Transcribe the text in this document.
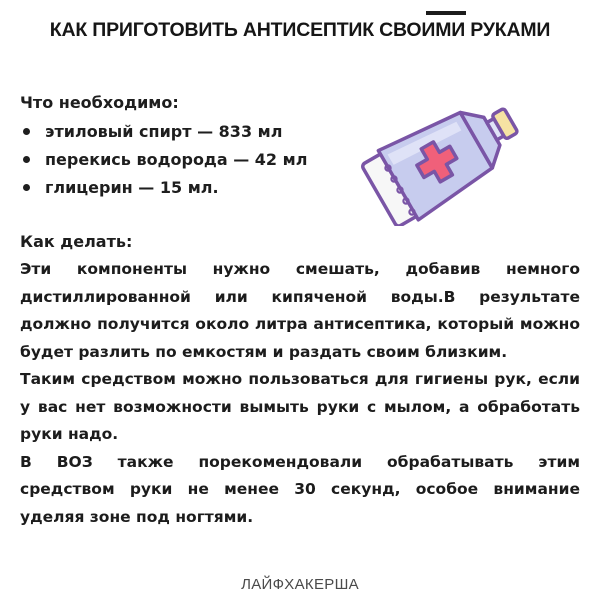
КАК ПРИГОТОВИТЬ АНТИСЕПТИК СВОИМИ РУКАМИ
Что необходимо:
этиловый спирт — 833 мл
перекись водорода — 42 мл
глицерин — 15 мл.
Как делать:

Эти компоненты нужно смешать, добавив немного дистиллированной или кипяченой воды.В результате должно получится около литра антисептика, который можно будет разлить по емкостям и раздать своим близким.

Таким средством можно пользоваться для гигиены рук, если у вас нет возможности вымыть руки с мылом, а обработать руки надо.

В ВОЗ также порекомендовали обрабатывать этим средством руки не менее 30 секунд, особое внимание уделяя зоне под ногтями.

ЛАЙФХАКЕРША
